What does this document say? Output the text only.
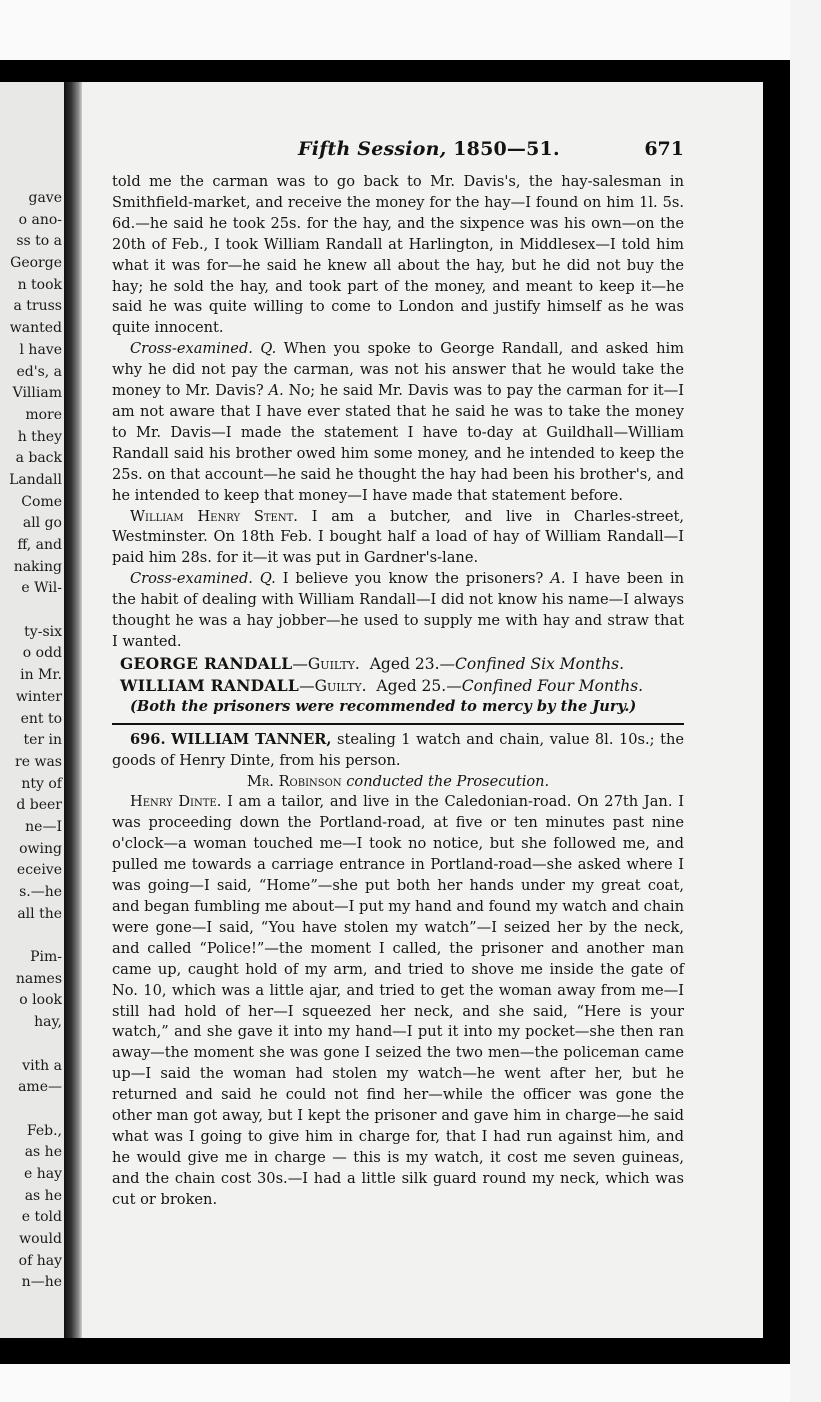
gave
o ano-
ss to a
George
n took
a truss
wanted
l have
ed's, a
Villiam
more
h they
a back
Landall
Come
all go
ff, and
naking
e Wil-
ty-six
o odd
in Mr.
winter
ent to
ter in
re was
nty of
d beer
ne—I
owing
eceive
s.—he
all the
Pim-
names
o look
hay,
vith a
ame—
Feb.,
as he
e hay
as he
e told
would
of hay
n—he
Fifth Session, 1850—51.	671

told me the carman was to go back to Mr. Davis's, the hay-salesman in Smithfield-market, and receive the money for the hay—I found on him 1l. 5s. 6d.—he said he took 25s. for the hay, and the sixpence was his own—on the 20th of Feb., I took William Randall at Harlington, in Middlesex—I told him what it was for—he said he knew all about the hay, but he did not buy the hay; he sold the hay, and took part of the money, and meant to keep it—he said he was quite willing to come to London and justify himself as he was quite innocent.

Cross-examined. Q. When you spoke to George Randall, and asked him why he did not pay the carman, was not his answer that he would take the money to Mr. Davis? A. No; he said Mr. Davis was to pay the carman for it—I am not aware that I have ever stated that he said he was to take the money to Mr. Davis—I made the statement I have to-day at Guildhall—William Randall said his brother owed him some money, and he intended to keep the 25s. on that account—he said he thought the hay had been his brother's, and he intended to keep that money—I have made that statement before.

William Henry Stent. I am a butcher, and live in Charles-street, Westminster. On 18th Feb. I bought half a load of hay of William Randall—I paid him 28s. for it—it was put in Gardner's-lane.

Cross-examined. Q. I believe you know the prisoners? A. I have been in the habit of dealing with William Randall—I did not know his name—I always thought he was a hay jobber—he used to supply me with hay and straw that I wanted.

GEORGE RANDALL—Guilty. Aged 23.—Confined Six Months.
WILLIAM RANDALL—Guilty. Aged 25.—Confined Four Months.
(Both the prisoners were recommended to mercy by the Jury.)

696. WILLIAM TANNER, stealing 1 watch and chain, value 8l. 10s.; the goods of Henry Dinte, from his person.

Mr. Robinson conducted the Prosecution.

Henry Dinte. I am a tailor, and live in the Caledonian-road. On 27th Jan. I was proceeding down the Portland-road, at five or ten minutes past nine o'clock—a woman touched me—I took no notice, but she followed me, and pulled me towards a carriage entrance in Portland-road—she asked where I was going—I said, “Home”—she put both her hands under my great coat, and began fumbling me about—I put my hand and found my watch and chain were gone—I said, “You have stolen my watch”—I seized her by the neck, and called “Police!”—the moment I called, the prisoner and another man came up, caught hold of my arm, and tried to shove me inside the gate of No. 10, which was a little ajar, and tried to get the woman away from me—I still had hold of her—I squeezed her neck, and she said, “Here is your watch,” and she gave it into my hand—I put it into my pocket—she then ran away—the moment she was gone I seized the two men—the policeman came up—I said the woman had stolen my watch—he went after her, but he returned and said he could not find her—while the officer was gone the other man got away, but I kept the prisoner and gave him in charge—he said what was I going to give him in charge for, that I had run against him, and he would give me in charge — this is my watch, it cost me seven guineas, and the chain cost 30s.—I had a little silk guard round my neck, which was cut or broken.
